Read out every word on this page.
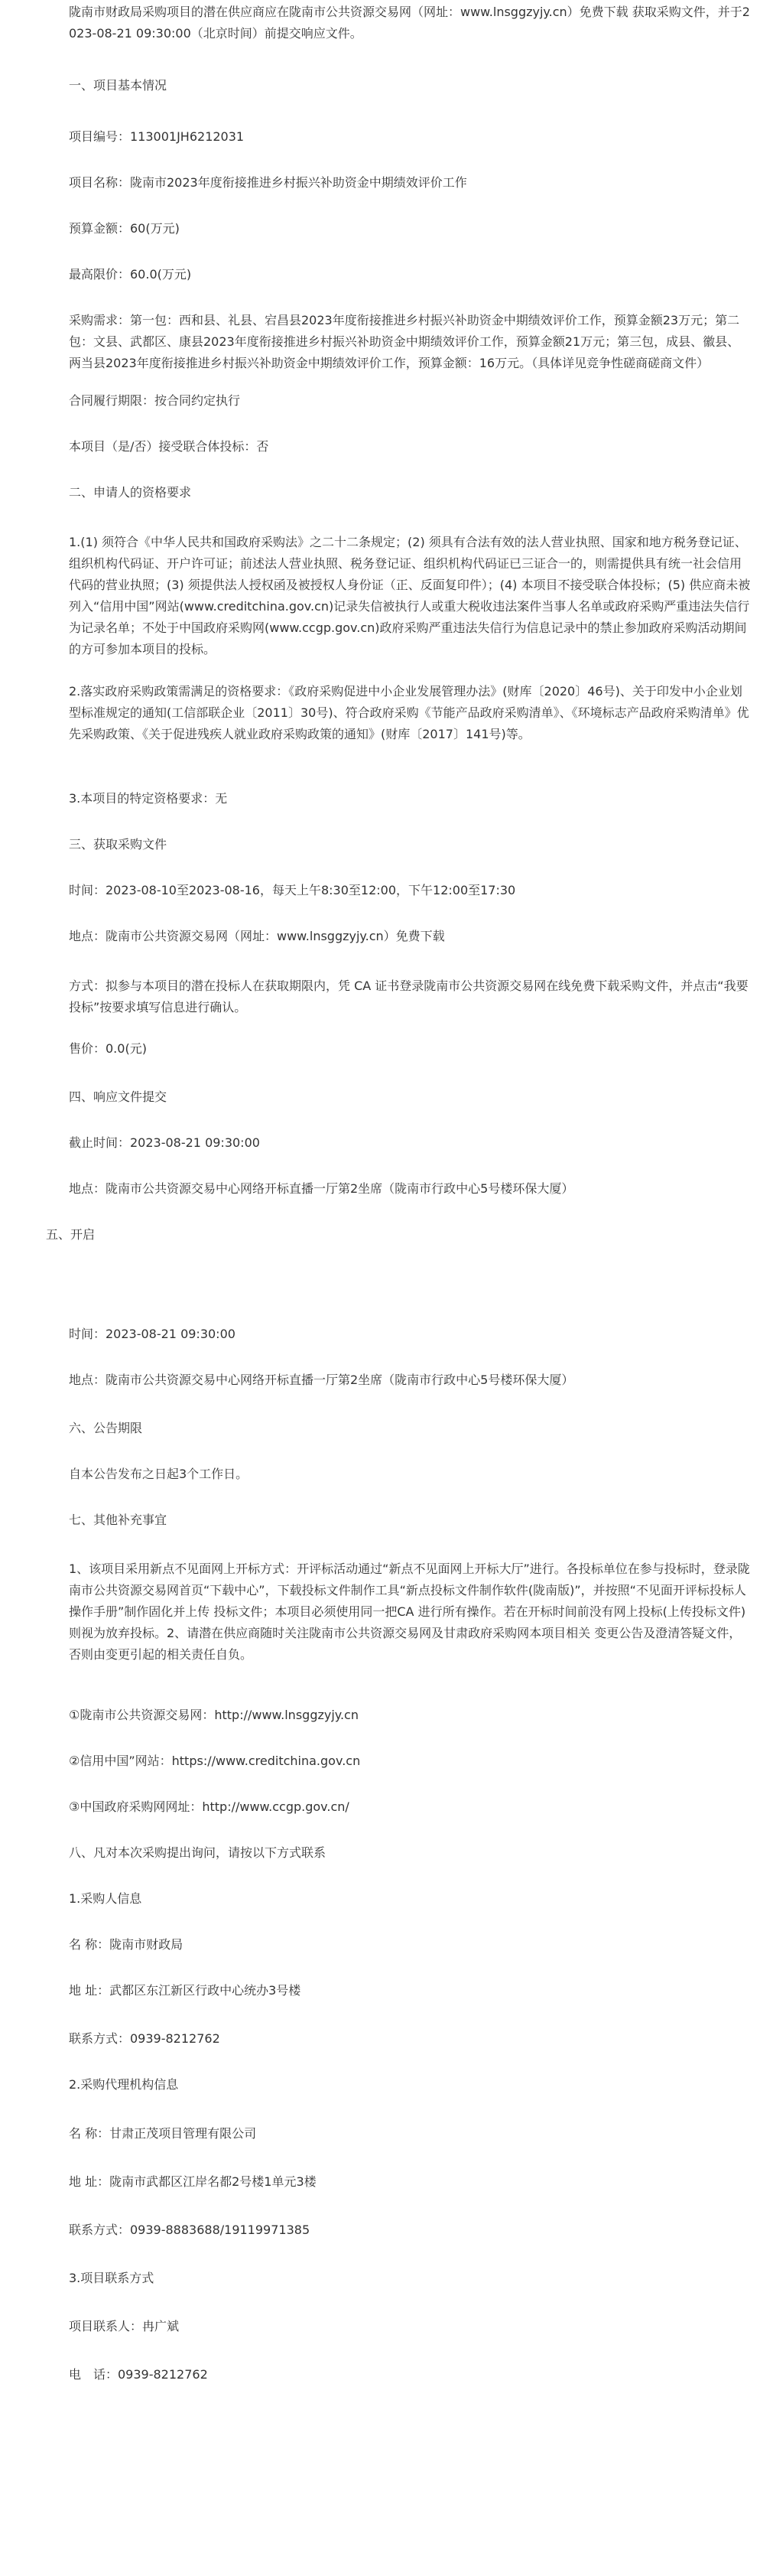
陇南市财政局采购项目的潜在供应商应在陇南市公共资源交易网（网址：www.lnsggzyjy.cn）免费下载 获取采购文件，并于2023-08-21 09:30:00（北京时间）前提交响应文件。

一、项目基本情况

项目编号：113001JH6212031

项目名称：陇南市2023年度衔接推进乡村振兴补助资金中期绩效评价工作

预算金额：60(万元)

最高限价：60.0(万元)

采购需求：第一包：西和县、礼县、宕昌县2023年度衔接推进乡村振兴补助资金中期绩效评价工作，预算金额23万元；第二包：文县、武都区、康县2023年度衔接推进乡村振兴补助资金中期绩效评价工作，预算金额21万元；第三包，成县、徽县、两当县2023年度衔接推进乡村振兴补助资金中期绩效评价工作，预算金额：16万元。（具体详见竞争性磋商磋商文件）

合同履行期限：按合同约定执行

本项目（是/否）接受联合体投标：否

二、申请人的资格要求

1.(1) 须符合《中华人民共和国政府采购法》之二十二条规定；(2) 须具有合法有效的法人营业执照、国家和地方税务登记证、组织机构代码证、开户许可证；前述法人营业执照、税务登记证、组织机构代码证已三证合一的，则需提供具有统一社会信用代码的营业执照；(3) 须提供法人授权函及被授权人身份证（正、反面复印件）；(4) 本项目不接受联合体投标；(5) 供应商未被列入“信用中国”网站(www.creditchina.gov.cn)记录失信被执行人或重大税收违法案件当事人名单或政府采购严重违法失信行为记录名单；不处于中国政府采购网(www.ccgp.gov.cn)政府采购严重违法失信行为信息记录中的禁止参加政府采购活动期间的方可参加本项目的投标。

2.落实政府采购政策需满足的资格要求：《政府采购促进中小企业发展管理办法》(财库〔2020〕46号)、关于印发中小企业划型标准规定的通知(工信部联企业〔2011〕30号)、符合政府采购《节能产品政府采购清单》、《环境标志产品政府采购清单》优先采购政策、《关于促进残疾人就业政府采购政策的通知》(财库〔2017〕141号)等。

3.本项目的特定资格要求：无

三、获取采购文件

时间：2023-08-10至2023-08-16，每天上午8:30至12:00，下午12:00至17:30

地点：陇南市公共资源交易网（网址：www.lnsggzyjy.cn）免费下载

方式：拟参与本项目的潜在投标人在获取期限内，凭 CA 证书登录陇南市公共资源交易网在线免费下载采购文件，并点击“我要投标”按要求填写信息进行确认。

售价：0.0(元)

四、响应文件提交

截止时间：2023-08-21 09:30:00

地点：陇南市公共资源交易中心网络开标直播一厅第2坐席（陇南市行政中心5号楼环保大厦）

五、开启

时间：2023-08-21 09:30:00

地点：陇南市公共资源交易中心网络开标直播一厅第2坐席（陇南市行政中心5号楼环保大厦）

六、公告期限

自本公告发布之日起3个工作日。

七、其他补充事宜

1、该项目采用新点不见面网上开标方式：开评标活动通过“新点不见面网上开标大厅”进行。各投标单位在参与投标时，登录陇南市公共资源交易网首页“下载中心”，下载投标文件制作工具“新点投标文件制作软件(陇南版)”，并按照“不见面开评标投标人操作手册”制作固化并上传 投标文件；本项目必须使用同一把CA 进行所有操作。若在开标时间前没有网上投标(上传投标文件) 则视为放弃投标。2、请潜在供应商随时关注陇南市公共资源交易网及甘肃政府采购网本项目相关 变更公告及澄清答疑文件，否则由变更引起的相关责任自负。

①陇南市公共资源交易网：http://www.lnsggzyjy.cn

②信用中国”网站：https://www.creditchina.gov.cn

③中国政府采购网网址：http://www.ccgp.gov.cn/

八、凡对本次采购提出询问，请按以下方式联系

1.采购人信息

名 称：陇南市财政局

地 址：武都区东江新区行政中心统办3号楼

联系方式：0939-8212762

2.采购代理机构信息

名 称：甘肃正茂项目管理有限公司

地 址：陇南市武都区江岸名都2号楼1单元3楼

联系方式：0939-8883688/19119971385

3.项目联系方式

项目联系人：冉广斌

电　话：0939-8212762
